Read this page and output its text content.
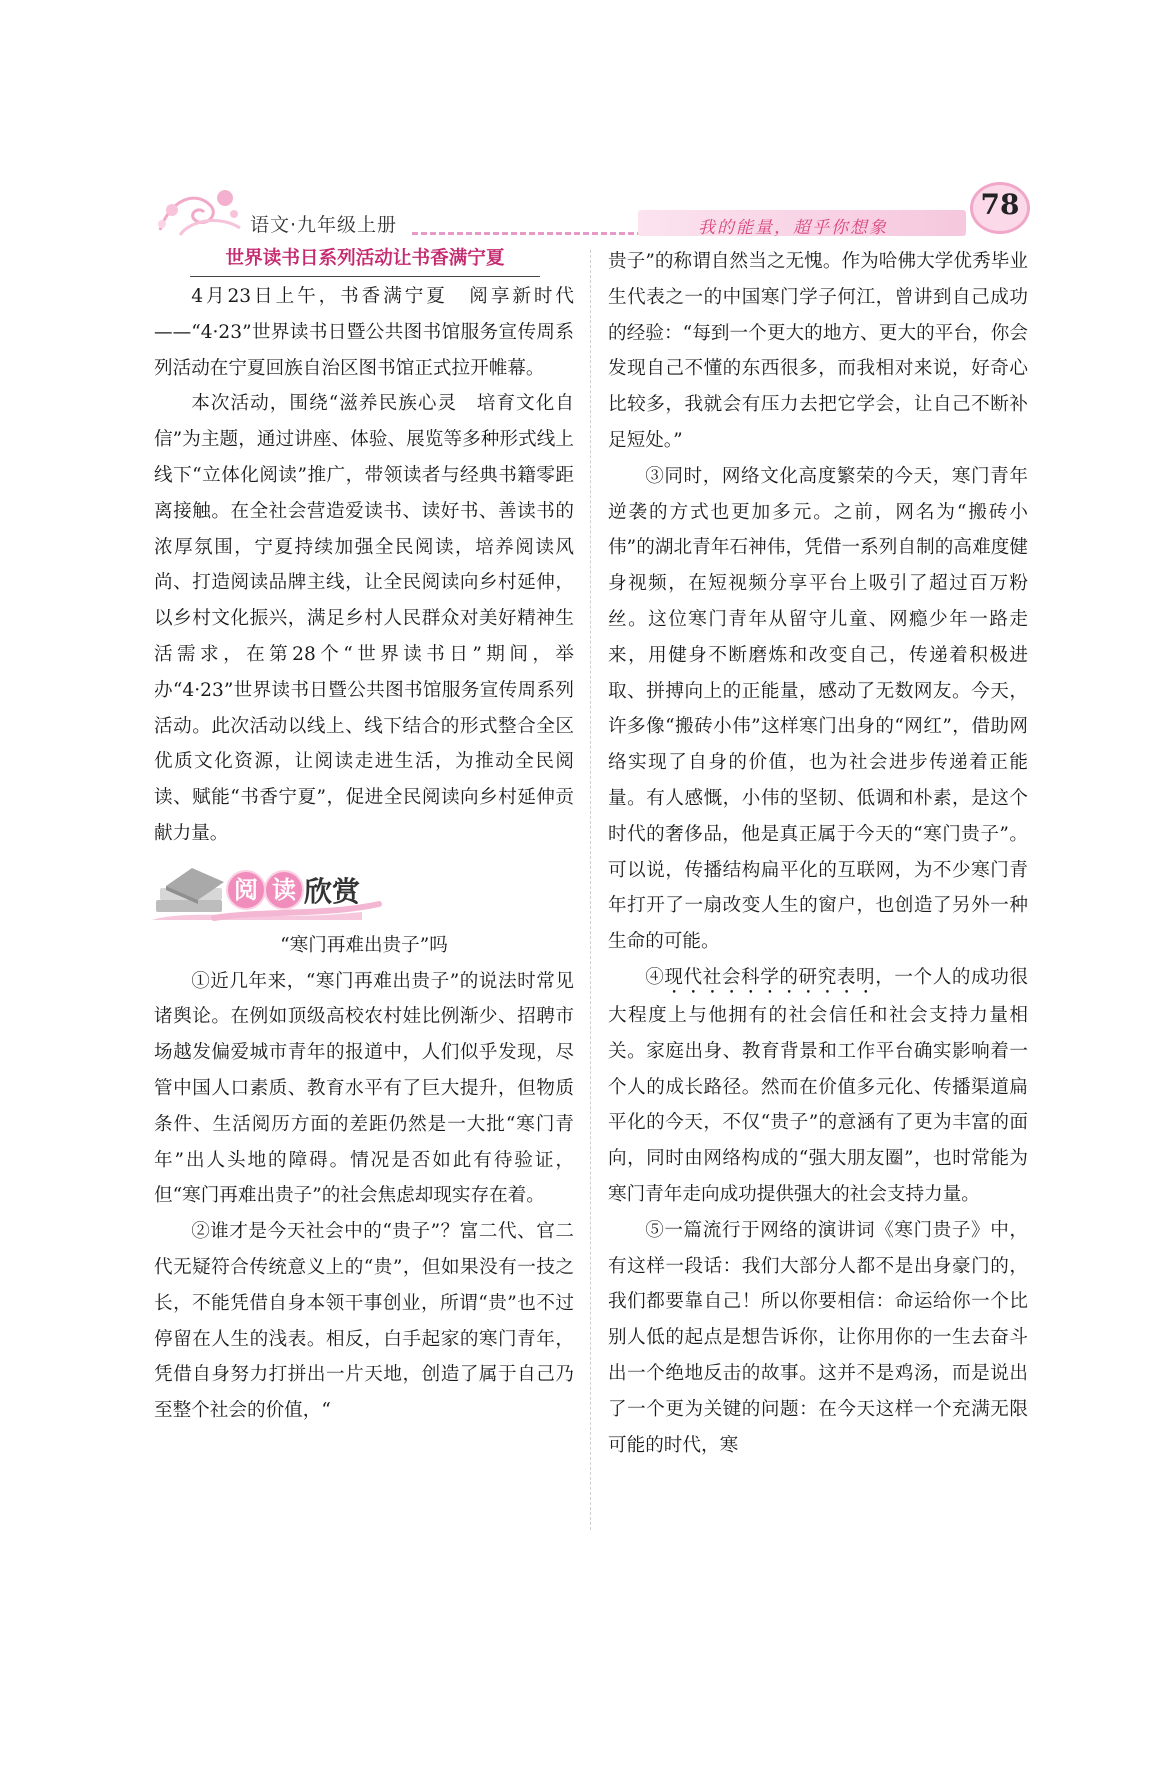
语文·九年级上册	我的能量，超乎你想象
78
世界读书日系列活动让书香满宁夏

4月23日上午，书香满宁夏　阅享新时代——“4·23”世界读书日暨公共图书馆服务宣传周系列活动在宁夏回族自治区图书馆正式拉开帷幕。

本次活动，围绕“滋养民族心灵　培育文化自信”为主题，通过讲座、体验、展览等多种形式线上线下“立体化阅读”推广，带领读者与经典书籍零距离接触。在全社会营造爱读书、读好书、善读书的浓厚氛围，宁夏持续加强全民阅读，培养阅读风尚、打造阅读品牌主线，让全民阅读向乡村延伸，以乡村文化振兴，满足乡村人民群众对美好精神生活需求，在第28个“世界读书日”期间，举办“4·23”世界读书日暨公共图书馆服务宣传周系列活动。此次活动以线上、线下结合的形式整合全区优质文化资源，让阅读走进生活，为推动全民阅读、赋能“书香宁夏”，促进全民阅读向乡村延伸贡献力量。

阅 读 欣赏

“寒门再难出贵子”吗

①近几年来，“寒门再难出贵子”的说法时常见诸舆论。在例如顶级高校农村娃比例渐少、招聘市场越发偏爱城市青年的报道中，人们似乎发现，尽管中国人口素质、教育水平有了巨大提升，但物质条件、生活阅历方面的差距仍然是一大批“寒门青年”出人头地的障碍。情况是否如此有待验证，但“寒门再难出贵子”的社会焦虑却现实存在着。

②谁才是今天社会中的“贵子”？富二代、官二代无疑符合传统意义上的“贵”，但如果没有一技之长，不能凭借自身本领干事创业，所谓“贵”也不过停留在人生的浅表。相反，白手起家的寒门青年，凭借自身努力打拼出一片天地，创造了属于自己乃至整个社会的价值，“

贵子”的称谓自然当之无愧。作为哈佛大学优秀毕业生代表之一的中国寒门学子何江，曾讲到自己成功的经验：“每到一个更大的地方、更大的平台，你会发现自己不懂的东西很多，而我相对来说，好奇心比较多，我就会有压力去把它学会，让自己不断补足短处。”

③同时，网络文化高度繁荣的今天，寒门青年逆袭的方式也更加多元。之前，网名为“搬砖小伟”的湖北青年石神伟，凭借一系列自制的高难度健身视频，在短视频分享平台上吸引了超过百万粉丝。这位寒门青年从留守儿童、网瘾少年一路走来，用健身不断磨炼和改变自己，传递着积极进取、拼搏向上的正能量，感动了无数网友。今天，许多像“搬砖小伟”这样寒门出身的“网红”，借助网络实现了自身的价值，也为社会进步传递着正能量。有人感慨，小伟的坚韧、低调和朴素，是这个时代的奢侈品，他是真正属于今天的“寒门贵子”。可以说，传播结构扁平化的互联网，为不少寒门青年打开了一扇改变人生的窗户，也创造了另外一种生命的可能。

④现代社会科学的研究表明，一个人的成功很大程度上与他拥有的社会信任和社会支持力量相关。家庭出身、教育背景和工作平台确实影响着一个人的成长路径。然而在价值多元化、传播渠道扁平化的今天，不仅“贵子”的意涵有了更为丰富的面向，同时由网络构成的“强大朋友圈”，也时常能为寒门青年走向成功提供强大的社会支持力量。

⑤一篇流行于网络的演讲词《寒门贵子》中，有这样一段话：我们大部分人都不是出身豪门的，我们都要靠自己！所以你要相信：命运给你一个比别人低的起点是想告诉你，让你用你的一生去奋斗出一个绝地反击的故事。这并不是鸡汤，而是说出了一个更为关键的问题：在今天这样一个充满无限可能的时代，寒
